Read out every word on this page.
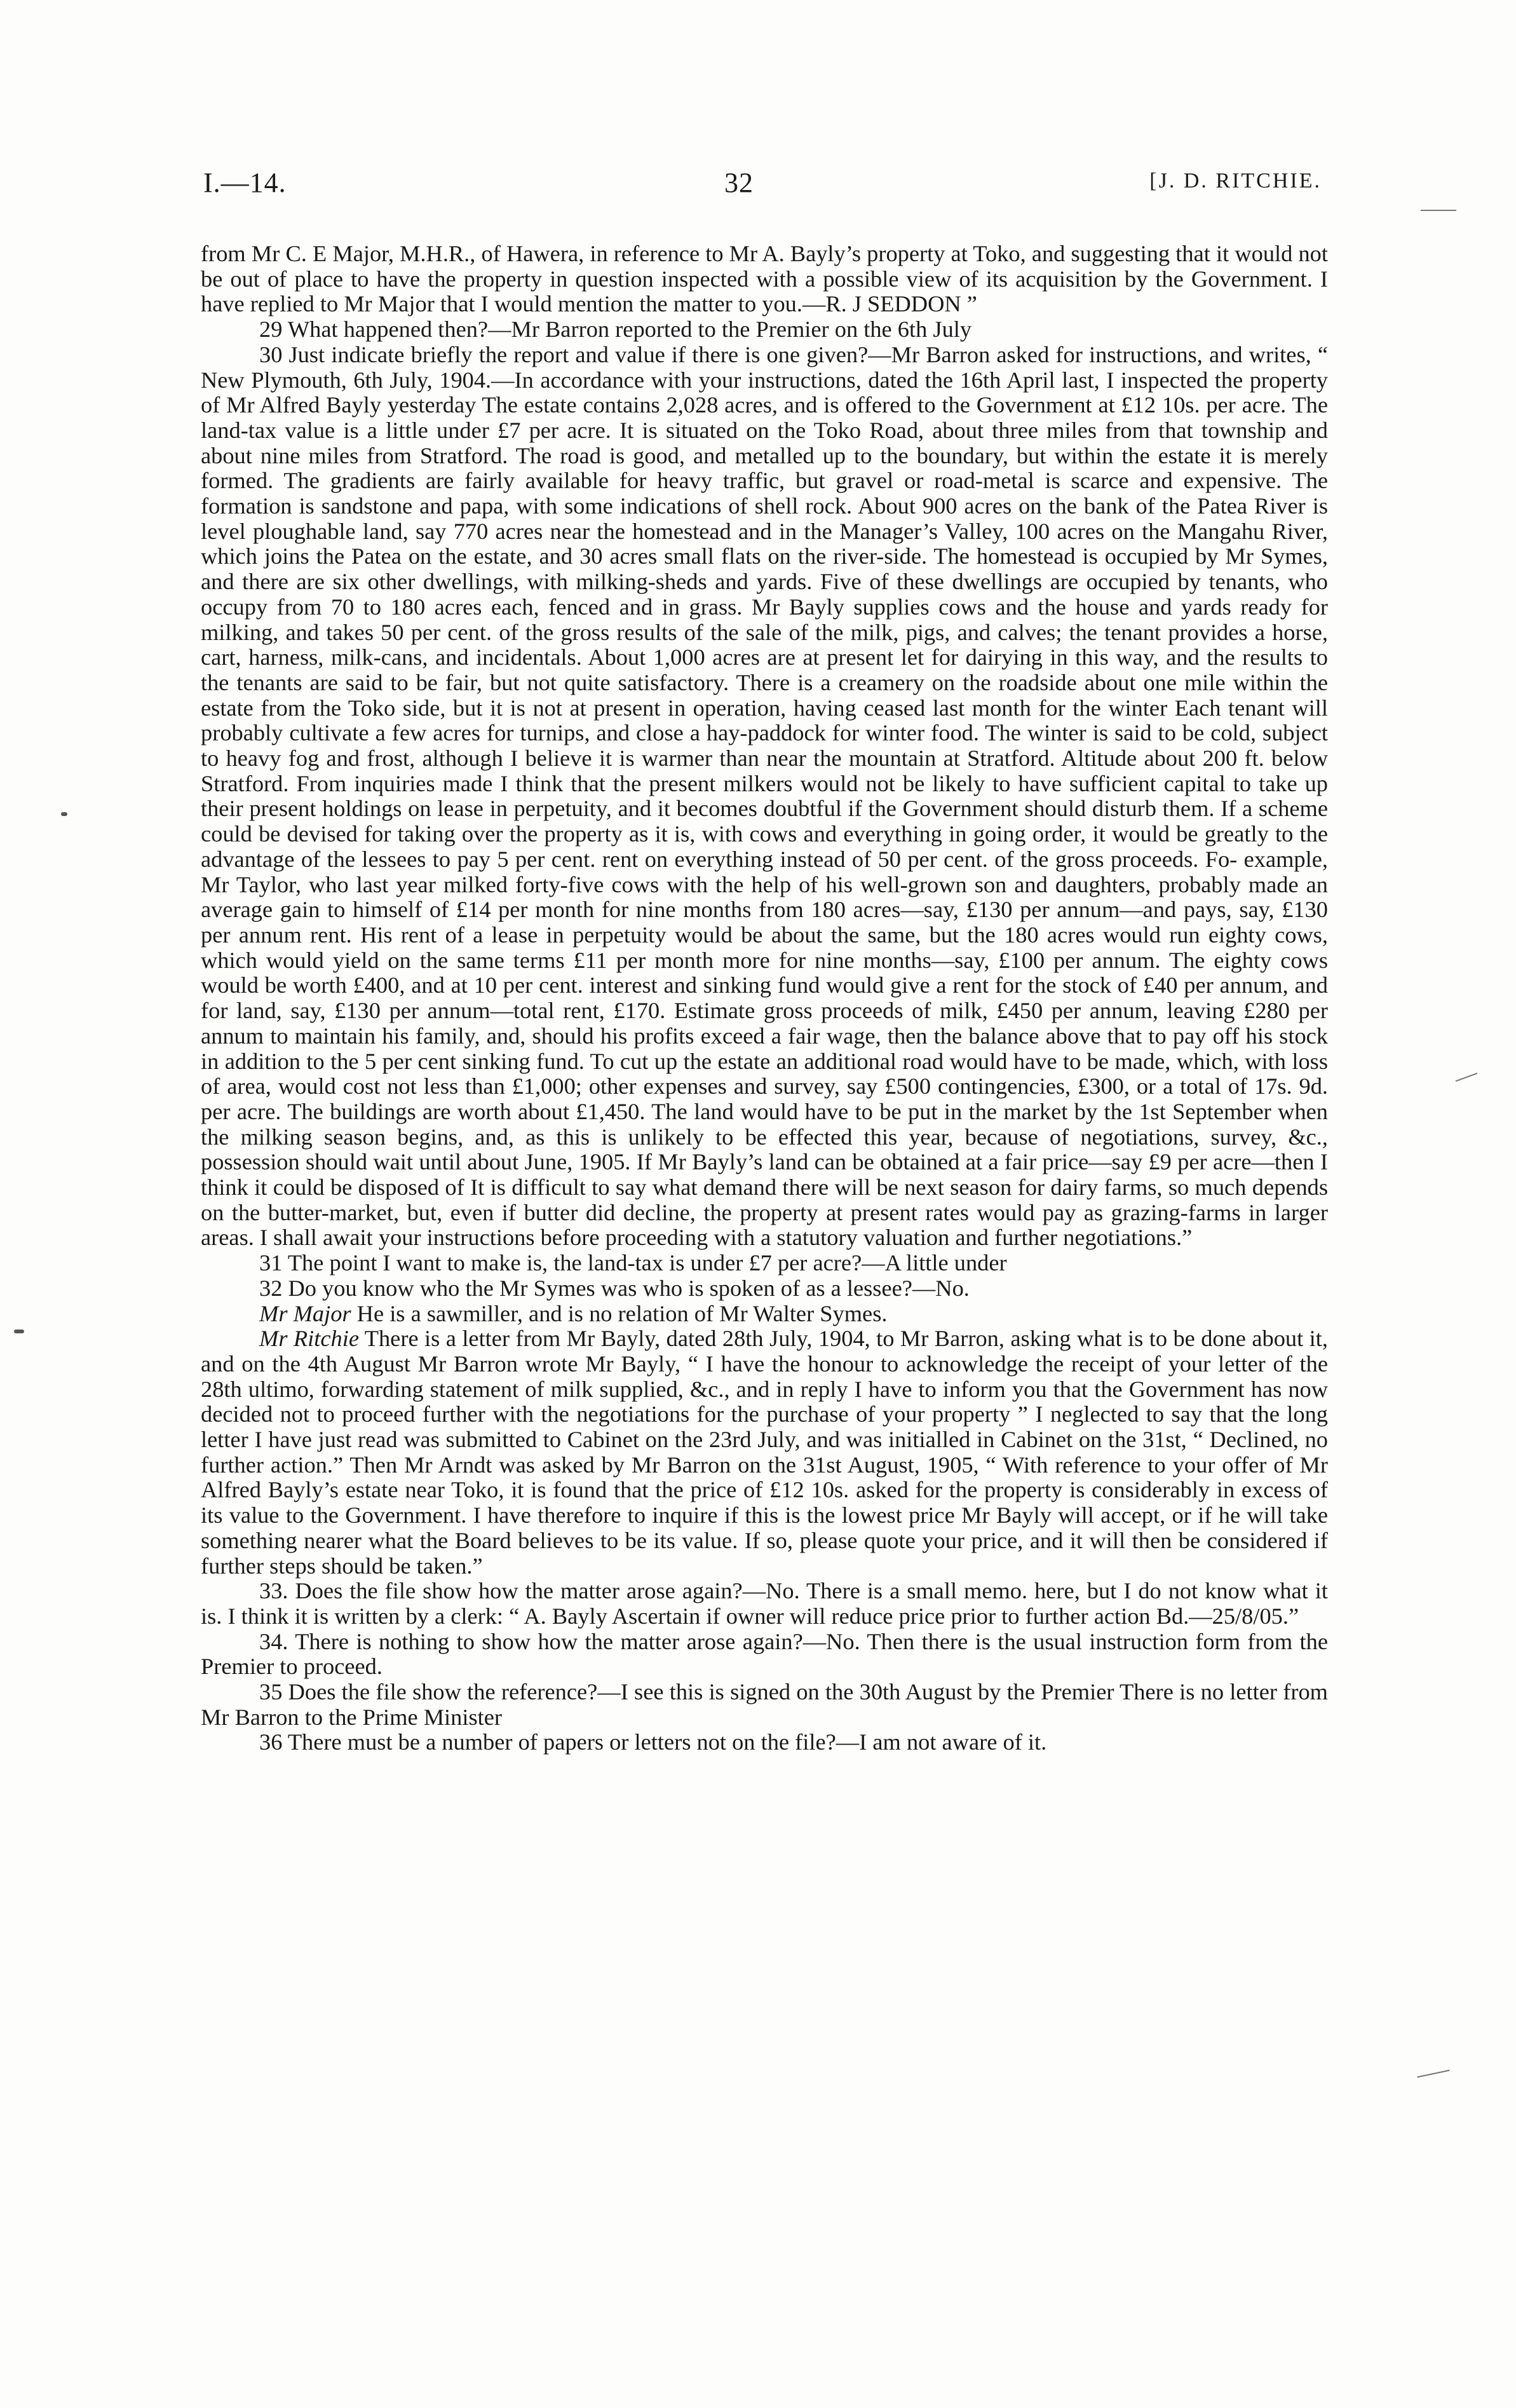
I.—14.	32	[J. D. RITCHIE.

from Mr C. E Major, M.H.R., of Hawera, in reference to Mr A. Bayly’s property at Toko, and suggesting that it would not be out of place to have the property in question inspected with a possible view of its acquisition by the Government. I have replied to Mr Major that I would mention the matter to you.—R. J SEDDON ”

29 What happened then?—Mr Barron reported to the Premier on the 6th July

30 Just indicate briefly the report and value if there is one given?—Mr Barron asked for instructions, and writes, “ New Plymouth, 6th July, 1904.—In accordance with your instructions, dated the 16th April last, I inspected the property of Mr Alfred Bayly yesterday The estate contains 2,028 acres, and is offered to the Government at £12 10s. per acre. The land-tax value is a little under £7 per acre. It is situated on the Toko Road, about three miles from that township and about nine miles from Stratford. The road is good, and metalled up to the boundary, but within the estate it is merely formed. The gradients are fairly available for heavy traffic, but gravel or road-metal is scarce and expensive. The formation is sandstone and papa, with some indications of shell rock. About 900 acres on the bank of the Patea River is level ploughable land, say 770 acres near the homestead and in the Manager’s Valley, 100 acres on the Mangahu River, which joins the Patea on the estate, and 30 acres small flats on the river-side. The homestead is occupied by Mr Symes, and there are six other dwellings, with milking-sheds and yards. Five of these dwellings are occupied by tenants, who occupy from 70 to 180 acres each, fenced and in grass. Mr Bayly supplies cows and the house and yards ready for milking, and takes 50 per cent. of the gross results of the sale of the milk, pigs, and calves; the tenant provides a horse, cart, harness, milk-cans, and incidentals. About 1,000 acres are at present let for dairying in this way, and the results to the tenants are said to be fair, but not quite satisfactory. There is a creamery on the roadside about one mile within the estate from the Toko side, but it is not at present in operation, having ceased last month for the winter Each tenant will probably cultivate a few acres for turnips, and close a hay-paddock for winter food. The winter is said to be cold, subject to heavy fog and frost, although I believe it is warmer than near the mountain at Stratford. Altitude about 200 ft. below Stratford. From inquiries made I think that the present milkers would not be likely to have sufficient capital to take up their present holdings on lease in perpetuity, and it becomes doubtful if the Government should disturb them. If a scheme could be devised for taking over the property as it is, with cows and everything in going order, it would be greatly to the advantage of the lessees to pay 5 per cent. rent on everything instead of 50 per cent. of the gross proceeds. Fo- example, Mr Taylor, who last year milked forty-five cows with the help of his well-grown son and daughters, probably made an average gain to himself of £14 per month for nine months from 180 acres—say, £130 per annum—and pays, say, £130 per annum rent. His rent of a lease in perpetuity would be about the same, but the 180 acres would run eighty cows, which would yield on the same terms £11 per month more for nine months—say, £100 per annum. The eighty cows would be worth £400, and at 10 per cent. interest and sinking fund would give a rent for the stock of £40 per annum, and for land, say, £130 per annum—total rent, £170. Estimate gross proceeds of milk, £450 per annum, leaving £280 per annum to maintain his family, and, should his profits exceed a fair wage, then the balance above that to pay off his stock in addition to the 5 per cent sinking fund. To cut up the estate an additional road would have to be made, which, with loss of area, would cost not less than £1,000; other expenses and survey, say £500 contingencies, £300, or a total of 17s. 9d. per acre. The buildings are worth about £1,450. The land would have to be put in the market by the 1st September when the milking season begins, and, as this is unlikely to be effected this year, because of negotiations, survey, &c., possession should wait until about June, 1905. If Mr Bayly’s land can be obtained at a fair price—say £9 per acre—then I think it could be disposed of It is difficult to say what demand there will be next season for dairy farms, so much depends on the butter-market, but, even if butter did decline, the property at present rates would pay as grazing-farms in larger areas. I shall await your instructions before proceeding with a statutory valuation and further negotiations.”

31 The point I want to make is, the land-tax is under £7 per acre?—A little under

32 Do you know who the Mr Symes was who is spoken of as a lessee?—No.

Mr Major He is a sawmiller, and is no relation of Mr Walter Symes.

Mr Ritchie There is a letter from Mr Bayly, dated 28th July, 1904, to Mr Barron, asking what is to be done about it, and on the 4th August Mr Barron wrote Mr Bayly, “ I have the honour to acknowledge the receipt of your letter of the 28th ultimo, forwarding statement of milk supplied, &c., and in reply I have to inform you that the Government has now decided not to proceed further with the negotiations for the purchase of your property ” I neglected to say that the long letter I have just read was submitted to Cabinet on the 23rd July, and was initialled in Cabinet on the 31st, “ Declined, no further action.” Then Mr Arndt was asked by Mr Barron on the 31st August, 1905, “ With reference to your offer of Mr Alfred Bayly’s estate near Toko, it is found that the price of £12 10s. asked for the property is considerably in excess of its value to the Government. I have therefore to inquire if this is the lowest price Mr Bayly will accept, or if he will take something nearer what the Board believes to be its value. If so, please quote your price, and it will then be considered if further steps should be taken.”

33. Does the file show how the matter arose again?—No. There is a small memo. here, but I do not know what it is. I think it is written by a clerk: “ A. Bayly Ascertain if owner will reduce price prior to further action Bd.—25/8/05.”

34. There is nothing to show how the matter arose again?—No. Then there is the usual instruction form from the Premier to proceed.

35 Does the file show the reference?—I see this is signed on the 30th August by the Premier There is no letter from Mr Barron to the Prime Minister

36 There must be a number of papers or letters not on the file?—I am not aware of it.
